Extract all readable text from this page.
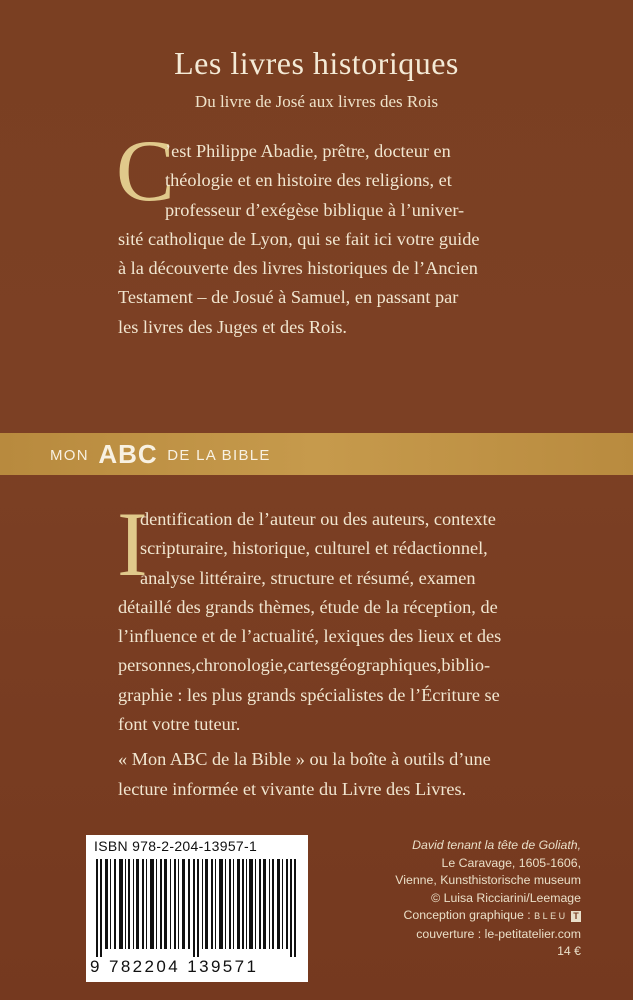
Les livres historiques
Du livre de José aux livres des Rois
C
’est Philippe Abadie, prêtre, docteur en
théologie et en histoire des religions, et
professeur d’exégèse biblique à l’univer-
sité catholique de Lyon, qui se fait ici votre guide
à la découverte des livres historiques de l’Ancien
Testament – de Josué à Samuel, en passant par
les livres des Juges et des Rois.
MON ABC DE LA BIBLE
I
dentification de l’auteur ou des auteurs, contexte
scripturaire, historique, culturel et rédactionnel,
analyse littéraire, structure et résumé, examen
détaillé des grands thèmes, étude de la réception, de
l’influence et de l’actualité, lexiques des lieux et des
personnes,chronologie,cartesgéographiques,biblio-
graphie : les plus grands spécialistes de l’Écriture se
font votre tuteur.
« Mon ABC de la Bible » ou la boîte à outils d’une
lecture informée et vivante du Livre des Livres.
ISBN 978-2-204-13957-1
9 782204 139571
David tenant la tête de Goliath,
Le Caravage, 1605-1606,
Vienne, Kunsthistorische museum
© Luisa Ricciarini/Leemage
Conception graphique : BLEU T
couverture : le-petitatelier.com
14 €
